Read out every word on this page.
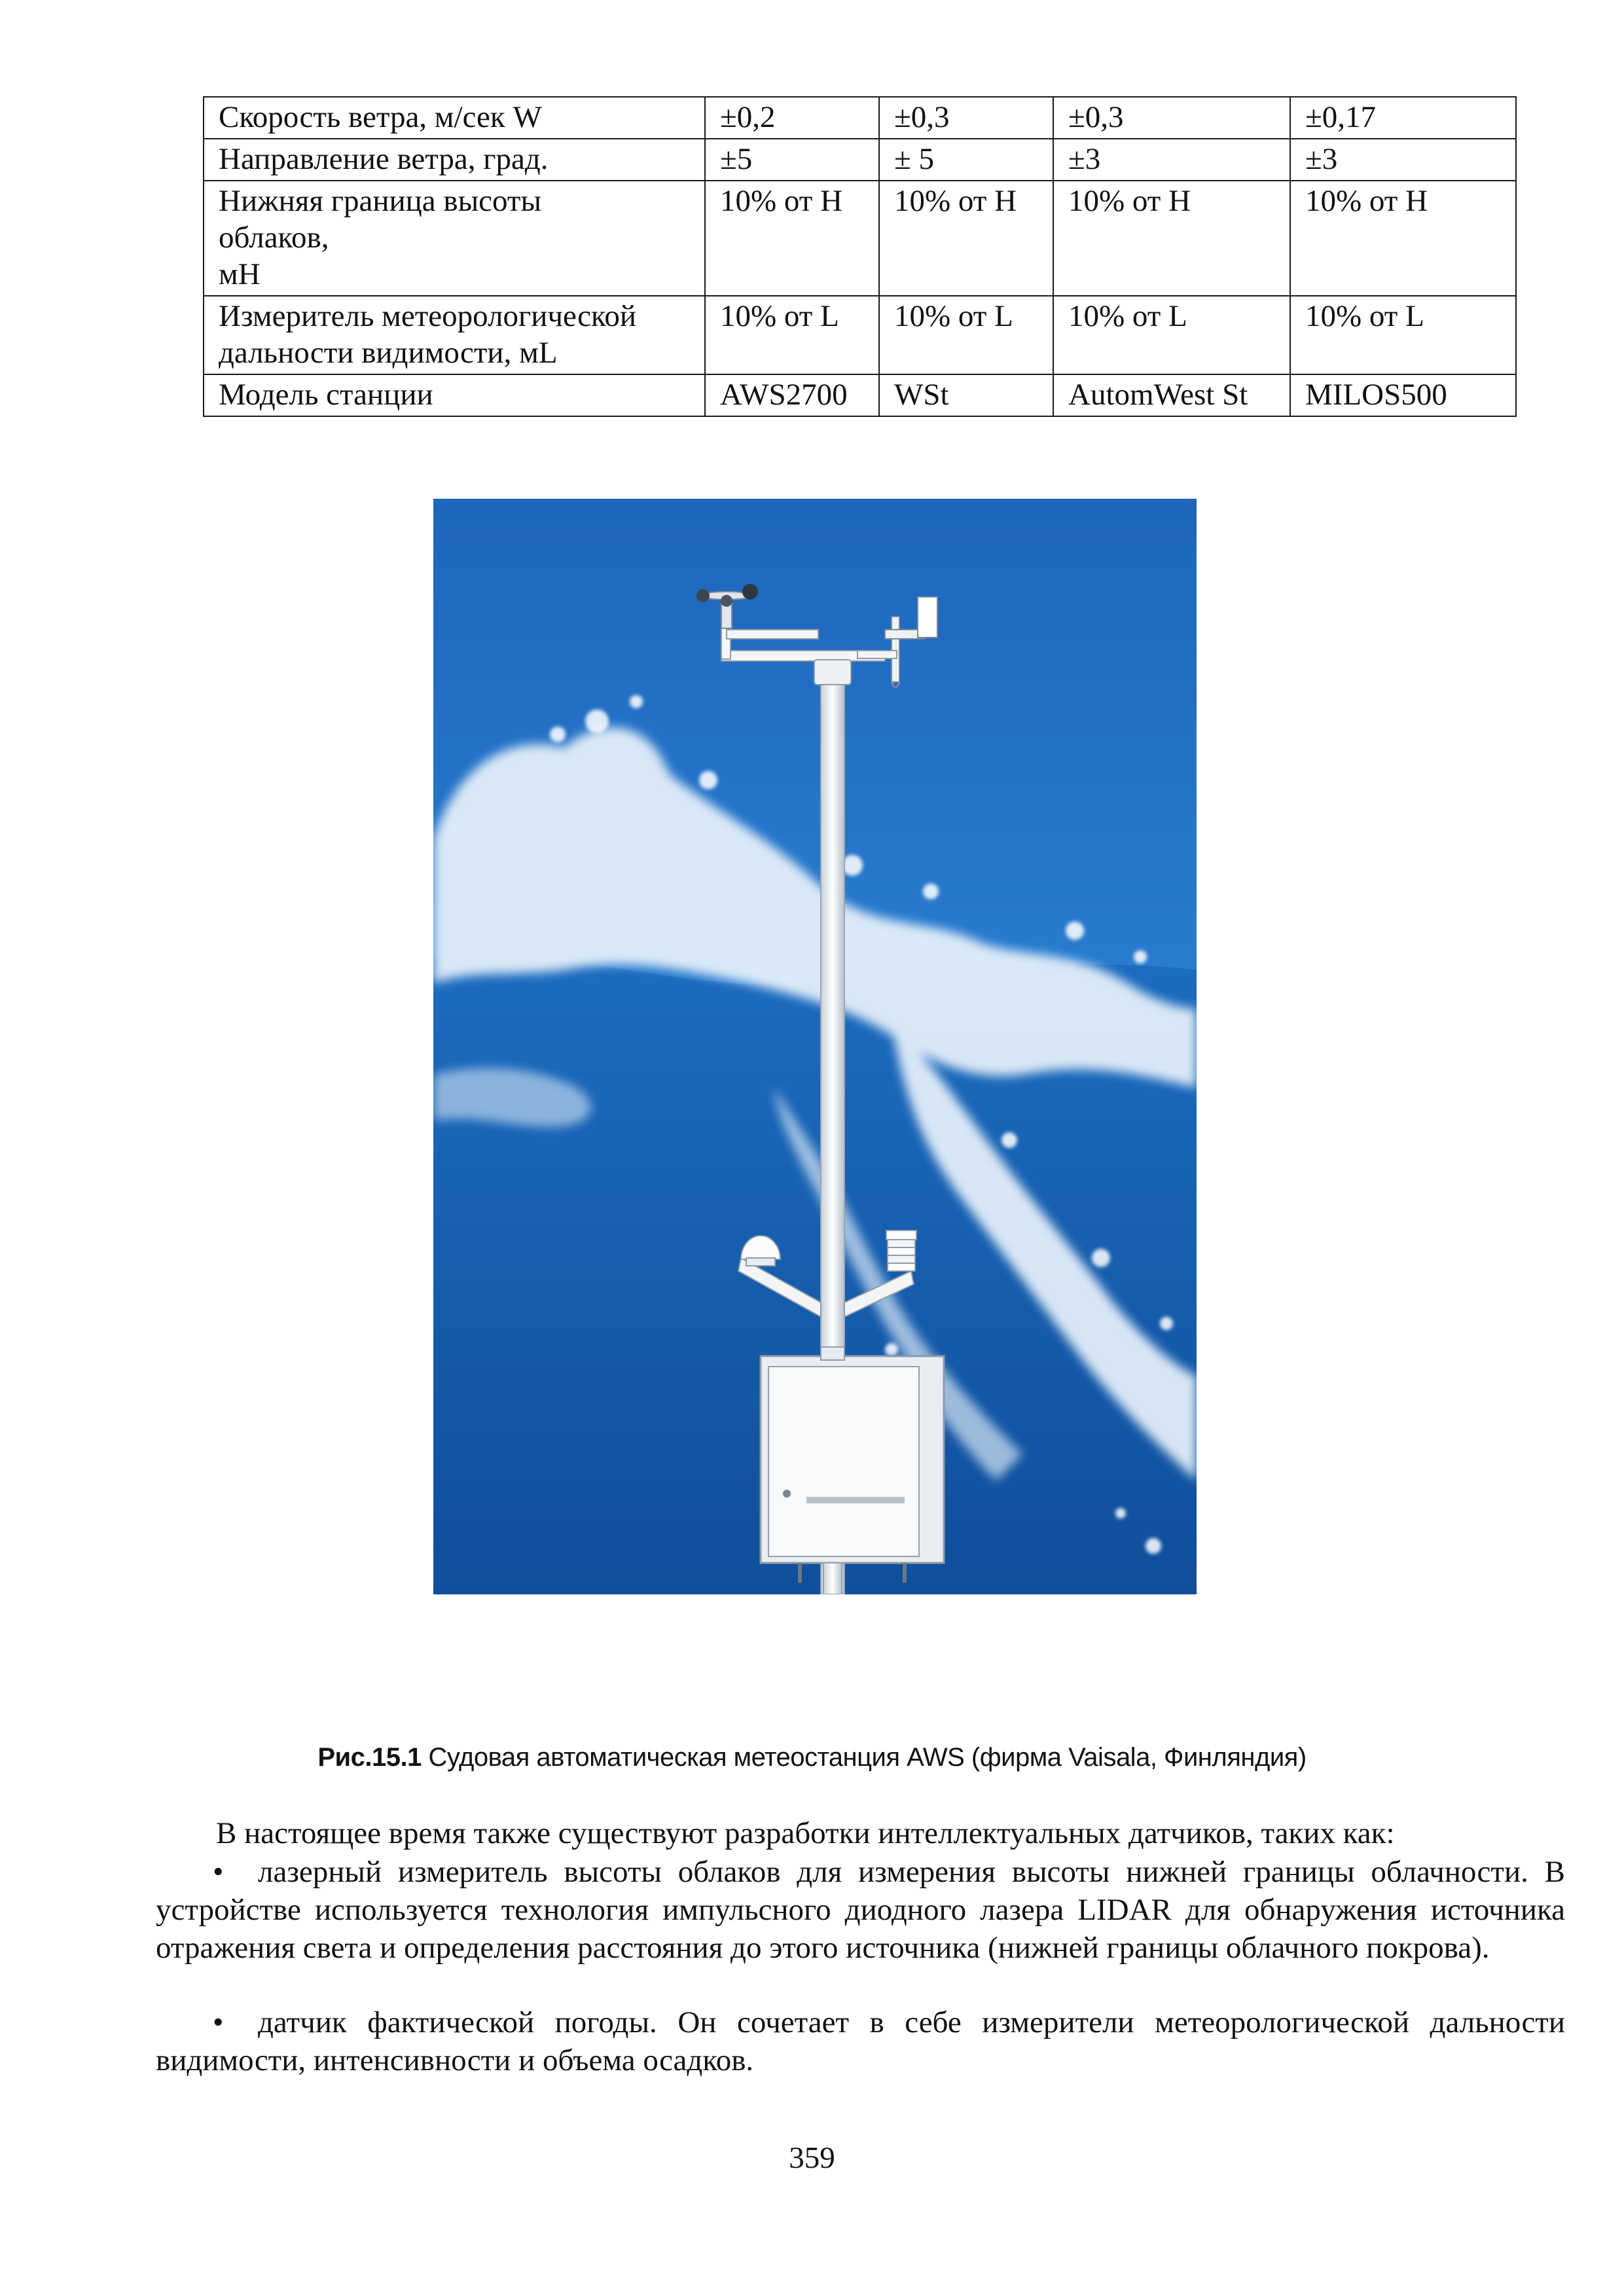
Скорость ветра, м/сек W	±0,2	±0,3	±0,3	±0,17
Направление ветра, град.	±5	± 5	±3	±3
Нижняя граница высоты
облаков,
мН	10% от Н	10% от Н	10% от Н	10% от Н
Измеритель метеорологической
дальности видимости, мL	10% от L	10% от L	10% от L	10% от L
Модель станции	AWS2700	WSt	AutomWest St	MILOS500
Рис.15.1 Судовая автоматическая метеостанция AWS (фирма Vaisala, Финляндия)
В настоящее время также существуют разработки интеллектуальных датчиков, таких как:
•	лазерный измеритель высоты облаков для измерения высоты нижней границы облачности. В устройстве используется технология импульсного диодного лазера LIDAR для обнаружения источника отражения света и определения расстояния до этого источника (нижней границы облачного покрова).
•	датчик фактической погоды. Он сочетает в себе измерители метеорологической дальности видимости, интенсивности и объема осадков.
359
